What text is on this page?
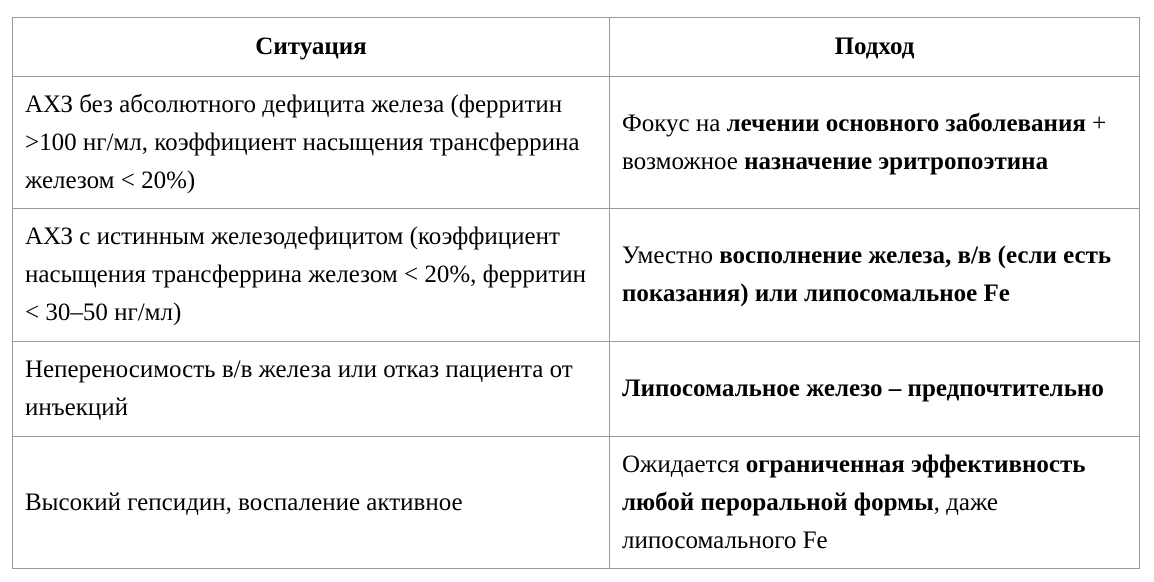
Ситуация	Подход
АХЗ без абсолютного дефицита железа (ферритин >100 нг/мл, коэффициент насыщения трансферрина железом < 20%)	Фокус на лечении основного заболевания + возможное назначение эритропоэтина
АХЗ с истинным железодефицитом (коэффициент насыщения трансферрина железом < 20%, ферритин < 30–50 нг/мл)	Уместно восполнение железа, в/в (если есть показания) или липосомальное Fe
Непереносимость в/в железа или отказ пациента от инъекций	Липосомальное железо – предпочтительно
Высокий гепсидин, воспаление активное	Ожидается ограниченная эффективность любой пероральной формы, даже липосомального Fe
